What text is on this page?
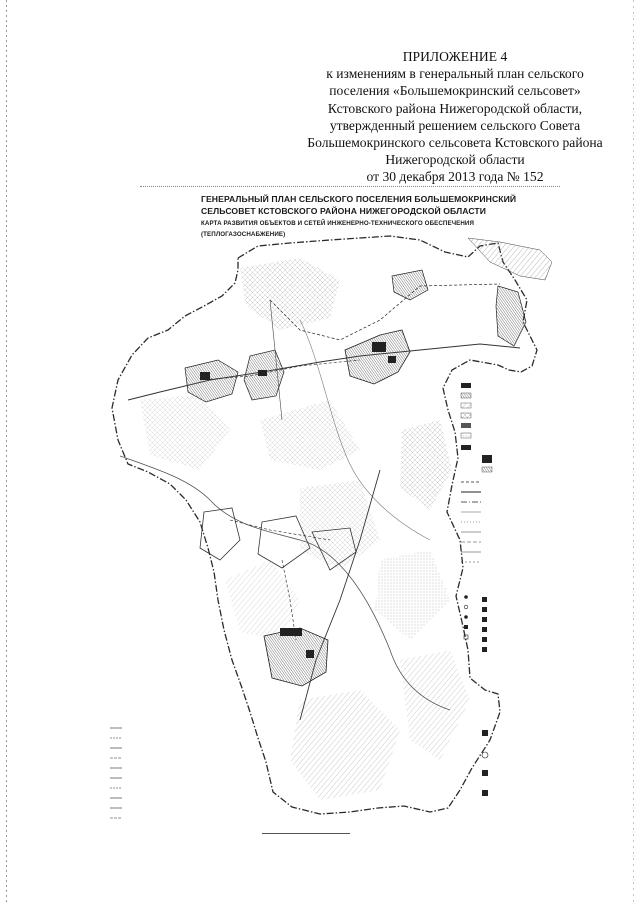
ПРИЛОЖЕНИЕ 4
к изменениям в генеральный план сельского
поселения «Большемокринский сельсовет»
Кстовского района Нижегородской области,
утвержденный решением сельского Совета
Большемокринского сельсовета Кстовского района
Нижегородской области
от 30 декабря 2013 года № 152
ГЕНЕРАЛЬНЫЙ ПЛАН СЕЛЬСКОГО ПОСЕЛЕНИЯ БОЛЬШЕМОКРИНСКИЙ
СЕЛЬСОВЕТ КСТОВСКОГО РАЙОНА НИЖЕГОРОДСКОЙ ОБЛАСТИ
КАРТА РАЗВИТИЯ ОБЪЕКТОВ И СЕТЕЙ ИНЖЕНЕРНО-ТЕХНИЧЕСКОГО ОБЕСПЕЧЕНИЯ
(ТЕПЛОГАЗОСНАБЖЕНИЕ)
